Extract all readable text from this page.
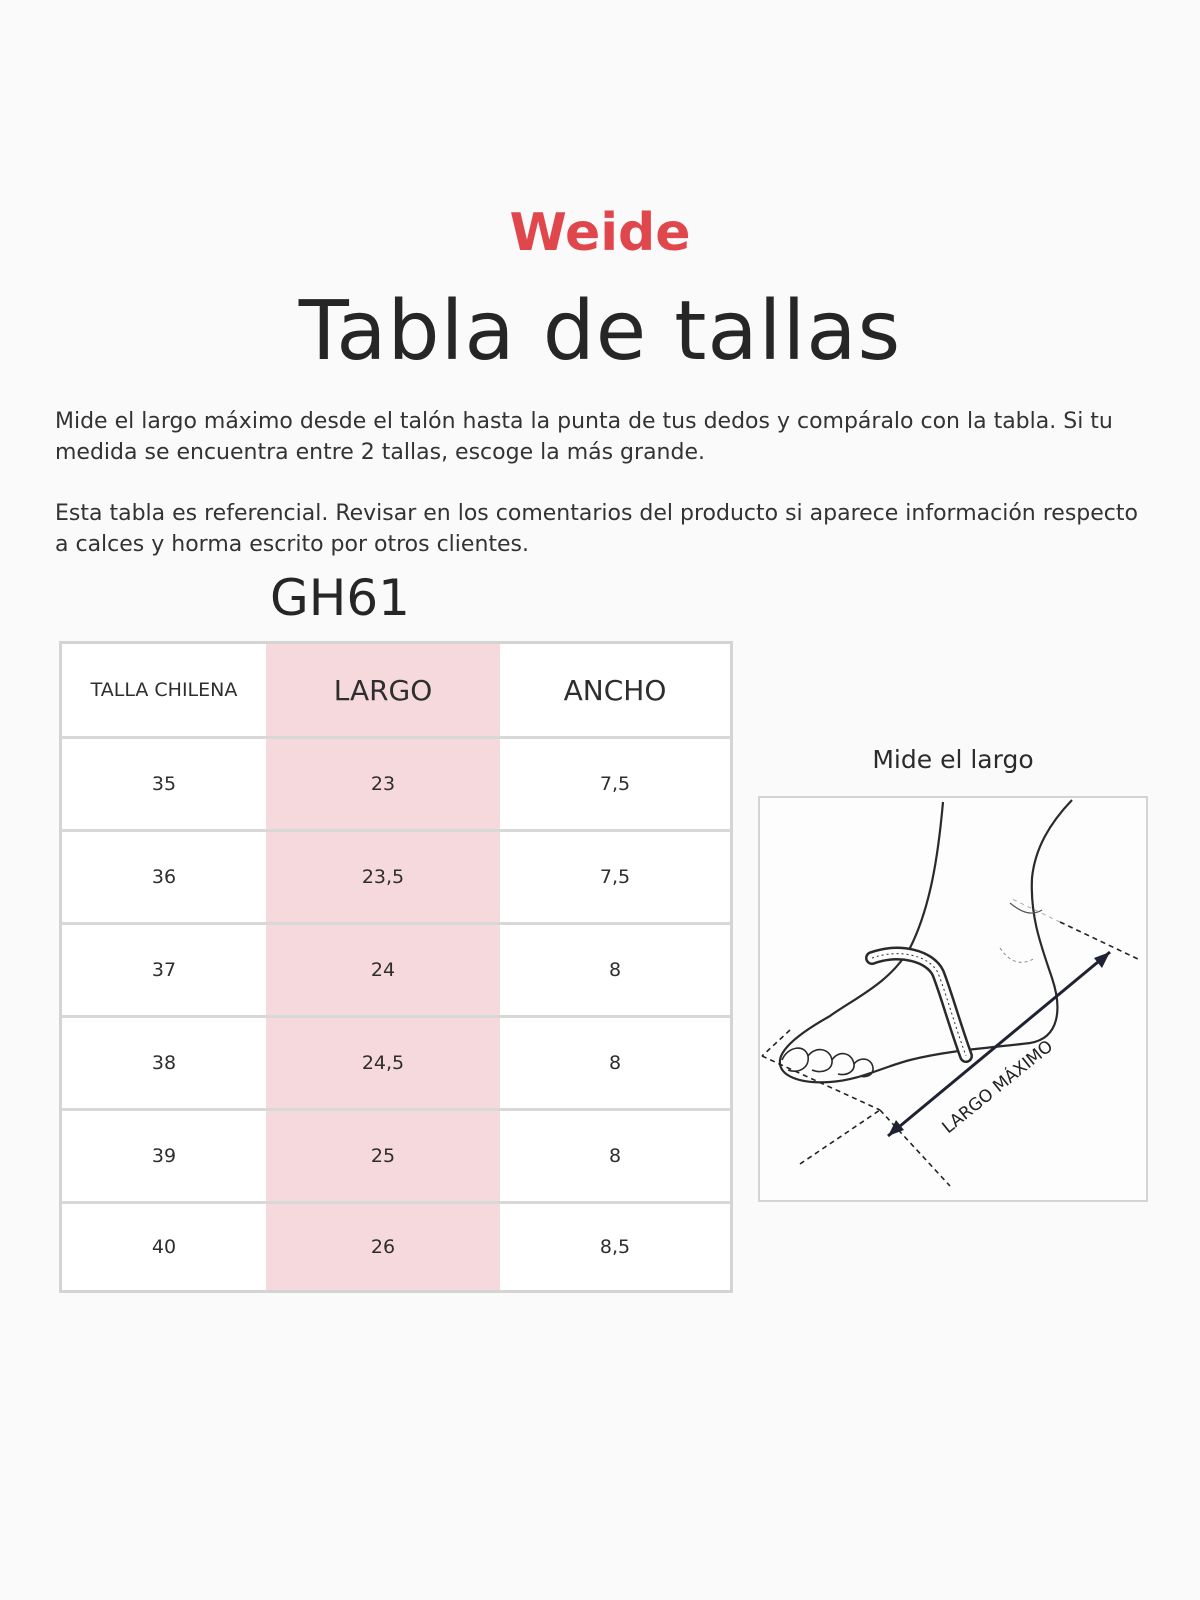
Weide
Tabla de tallas

Mide el largo máximo desde el talón hasta la punta de tus dedos y compáralo con la tabla. Si tu medida se encuentra entre 2 tallas, escoge la más grande.

Esta tabla es referencial. Revisar en los comentarios del producto si aparece información respecto a calces y horma escrito por otros clientes.

GH61
TALLA CHILENA	LARGO	ANCHO
35	23	7,5
36	23,5	7,5
37	24	8
38	24,5	8
39	25	8
40	26	8,5
Mide el largo
LARGO MÁXIMO
